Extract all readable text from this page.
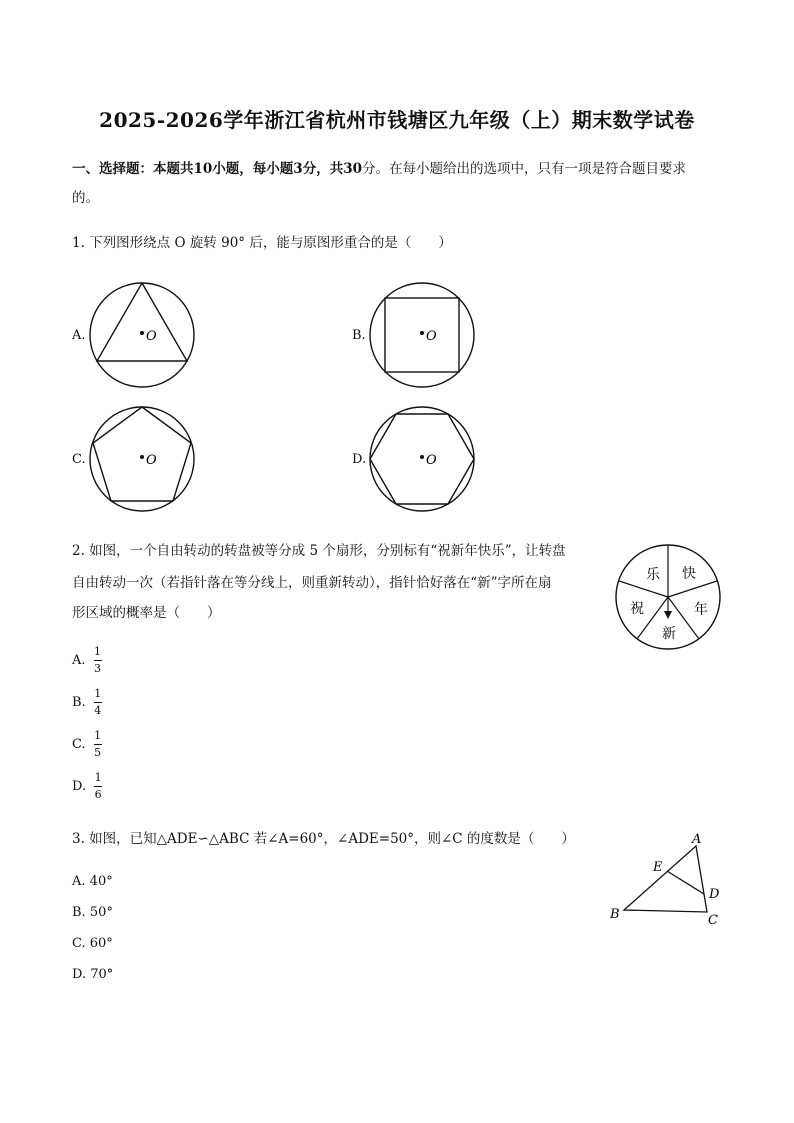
2025-2026学年浙江省杭州市钱塘区九年级（上）期末数学试卷
一、选择题：本题共10小题，每小题3分，共30分。在每小题给出的选项中，只有一项是符合题目要求
的。
1. 下列图形绕点 O 旋转 90° 后，能与原图形重合的是（　　）
A.	O	B.	O
C.	O	D.	O
2. 如图，一个自由转动的转盘被等分成 5 个扇形，分别标有“祝新年快乐”，让转盘
自由转动一次（若指针落在等分线上，则重新转动），指针恰好落在“新”字所在扇
形区域的概率是（　　）
乐 快
年
新
祝
A. $\frac{1}{3}$
B. $\frac{1}{4}$
C. $\frac{1}{5}$
D. $\frac{1}{6}$
3. 如图，已知△ADE∽△ABC 若∠A=60°，∠ADE=50°，则∠C 的度数是（　　）	A
B	C
D
E
A.
40°
B.
50°
C.
60°
D.
70°
